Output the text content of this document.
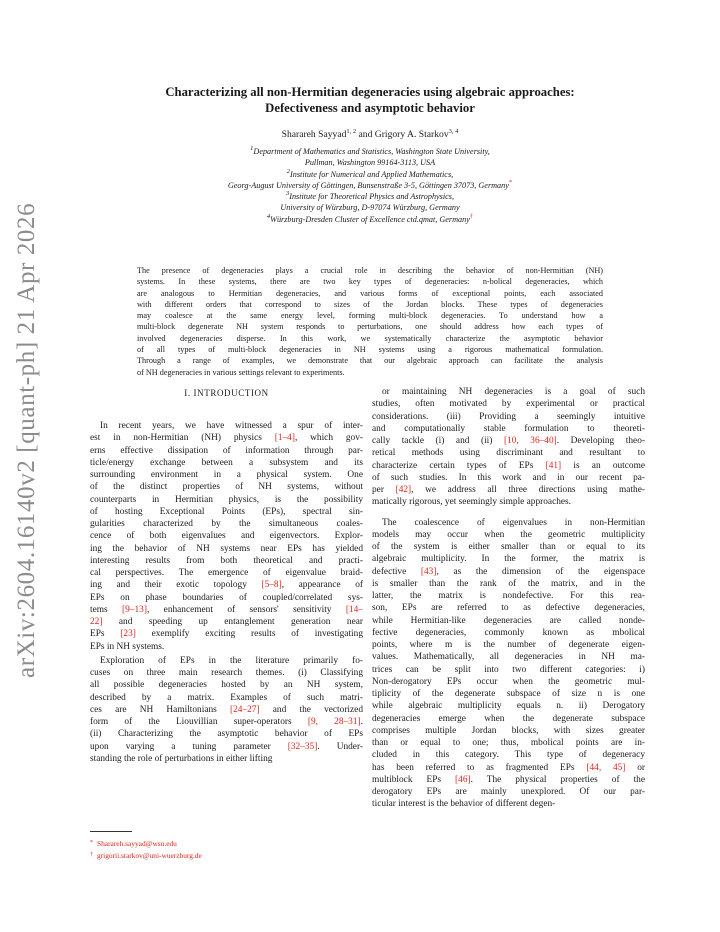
arXiv:2604.16140v2 [quant-ph] 21 Apr 2026
Characterizing all non-Hermitian degeneracies using algebraic approaches:
Defectiveness and asymptotic behavior
Sharareh Sayyad$^{1, 2}$ and Grigory A. Starkov$^{3, 4}$
$^1$Department of Mathematics and Statistics, Washington State University,
Pullman, Washington 99164-3113, USA
$^2$Institute for Numerical and Applied Mathematics,
Georg-August University of Göttingen, Bunsenstraße 3-5, Göttingen 37073, Germany*
$^3$Institute for Theoretical Physics and Astrophysics,
University of Würzburg, D-97074 Würzburg, Germany
$^4$Würzburg-Dresden Cluster of Excellence ctd.qmat, Germany†
The presence of degeneracies plays a crucial role in describing the behavior of non-Hermitian (NH)
systems. In these systems, there are two key types of degeneracies: n-bolical degeneracies, which
are analogous to Hermitian degeneracies, and various forms of exceptional points, each associated
with different orders that correspond to sizes of the Jordan blocks. These types of degeneracies
may coalesce at the same energy level, forming multi-block degeneracies. To understand how a
multi-block degenerate NH system responds to perturbations, one should address how each types of
involved degeneracies disperse. In this work, we systematically characterize the asymptotic behavior
of all types of multi-block degeneracies in NH systems using a rigorous mathematical formulation.
Through a range of examples, we demonstrate that our algebraic approach can facilitate the analysis
of NH degeneracies in various settings relevant to experiments.
I. INTRODUCTION
In recent years, we have witnessed a spur of inter-
est in non-Hermitian (NH) physics [1–4], which gov-
erns effective dissipation of information through par-
ticle/energy exchange between a subsystem and its
surrounding environment in a physical system. One
of the distinct properties of NH systems, without
counterparts in Hermitian physics, is the possibility
of hosting Exceptional Points (EPs), spectral sin-
gularities characterized by the simultaneous coales-
cence of both eigenvalues and eigenvectors. Explor-
ing the behavior of NH systems near EPs has yielded
interesting results from both theoretical and practi-
cal perspectives. The emergence of eigenvalue braid-
ing and their exotic topology [5–8], appearance of
EPs on phase boundaries of coupled/correlated sys-
tems [9–13], enhancement of sensors' sensitivity [14–
22] and speeding up entanglement generation near
EPs [23] exemplify exciting results of investigating
EPs in NH systems.
Exploration of EPs in the literature primarily fo-
cuses on three main research themes. (i) Classifying
all possible degeneracies hosted by an NH system,
described by a matrix. Examples of such matri-
ces are NH Hamiltonians [24–27] and the vectorized
form of the Liouvillian super-operators [9, 28–31].
(ii) Characterizing the asymptotic behavior of EPs
upon varying a tuning parameter [32–35]. Under-
standing the role of perturbations in either lifting
or maintaining NH degeneracies is a goal of such
studies, often motivated by experimental or practical
considerations. (iii) Providing a seemingly intuitive
and computationally stable formulation to theoreti-
cally tackle (i) and (ii) [10, 36–40]. Developing theo-
retical methods using discriminant and resultant to
characterize certain types of EPs [41] is an outcome
of such studies. In this work and in our recent pa-
per [42], we address all three directions using mathe-
matically rigorous, yet seemingly simple approaches.
The coalescence of eigenvalues in non-Hermitian
models may occur when the geometric multiplicity
of the system is either smaller than or equal to its
algebraic multiplicity. In the former, the matrix is
defective [43], as the dimension of the eigenspace
is smaller than the rank of the matrix, and in the
latter, the matrix is nondefective. For this rea-
son, EPs are referred to as defective degeneracies,
while Hermitian-like degeneracies are called nonde-
fective degeneracies, commonly known as mbolical
points, where m is the number of degenerate eigen-
values. Mathematically, all degeneracies in NH ma-
trices can be split into two different categories: i)
Non-derogatory EPs occur when the geometric mul-
tiplicity of the degenerate subspace of size n is one
while algebraic multiplicity equals n. ii) Derogatory
degeneracies emerge when the degenerate subspace
comprises multiple Jordan blocks, with sizes greater
than or equal to one; thus, mbolical points are in-
cluded in this category. This type of degeneracy
has been referred to as fragmented EPs [44, 45] or
multiblock EPs [46]. The physical properties of the
derogatory EPs are mainly unexplored. Of our par-
ticular interest is the behavior of different degen-
* Sharareh.sayyad@wsu.edu
† grigorii.starkov@uni-wuerzburg.de
